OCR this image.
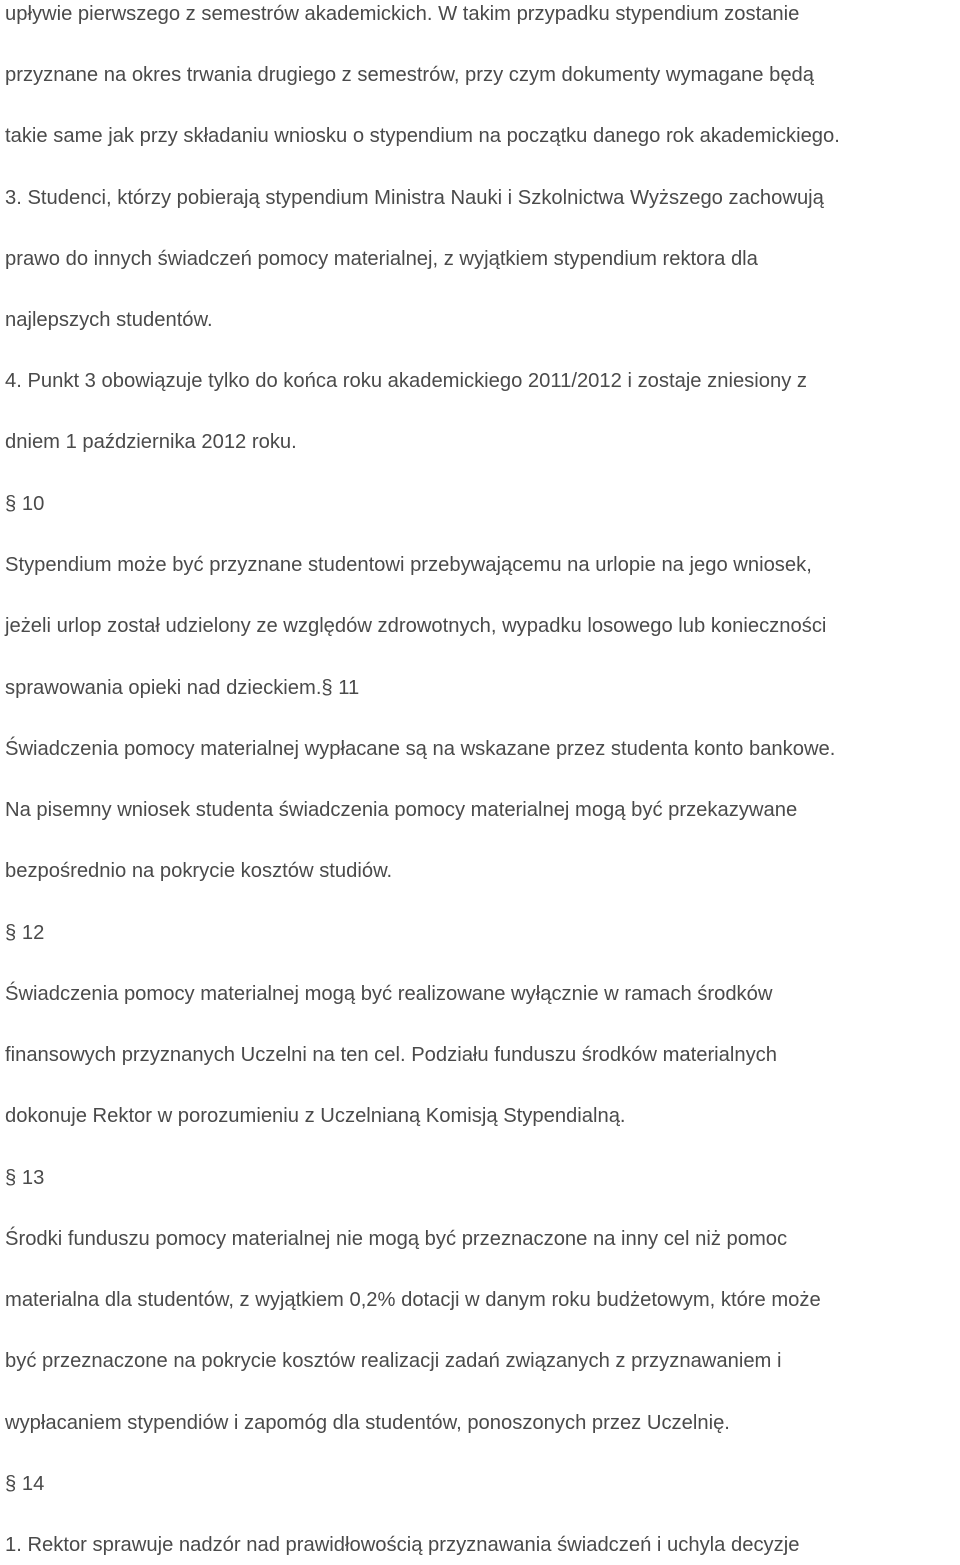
upływie pierwszego z semestrów akademickich. W takim przypadku stypendium zostanie
przyznane na okres trwania drugiego z semestrów, przy czym dokumenty wymagane będą
takie same jak przy składaniu wniosku o stypendium na początku danego rok akademickiego.
3. Studenci, którzy pobierają stypendium Ministra Nauki i Szkolnictwa Wyższego zachowują
prawo do innych świadczeń pomocy materialnej, z wyjątkiem stypendium rektora dla
najlepszych studentów.
4. Punkt 3 obowiązuje tylko do końca roku akademickiego 2011/2012 i zostaje zniesiony z
dniem 1 października 2012 roku.
§ 10
Stypendium może być przyznane studentowi przebywającemu na urlopie na jego wniosek,
jeżeli urlop został udzielony ze względów zdrowotnych, wypadku losowego lub konieczności
sprawowania opieki nad dzieckiem.§ 11
Świadczenia pomocy materialnej wypłacane są na wskazane przez studenta konto bankowe.
Na pisemny wniosek studenta świadczenia pomocy materialnej mogą być przekazywane
bezpośrednio na pokrycie kosztów studiów.
§ 12
Świadczenia pomocy materialnej mogą być realizowane wyłącznie w ramach środków
finansowych przyznanych Uczelni na ten cel. Podziału funduszu środków materialnych
dokonuje Rektor w porozumieniu z Uczelnianą Komisją Stypendialną.
§ 13
Środki funduszu pomocy materialnej nie mogą być przeznaczone na inny cel niż pomoc
materialna dla studentów, z wyjątkiem 0,2% dotacji w danym roku budżetowym, które może
być przeznaczone na pokrycie kosztów realizacji zadań związanych z przyznawaniem i
wypłacaniem stypendiów i zapomóg dla studentów, ponoszonych przez Uczelnię.
§ 14
1. Rektor sprawuje nadzór nad prawidłowością przyznawania świadczeń i uchyla decyzje
